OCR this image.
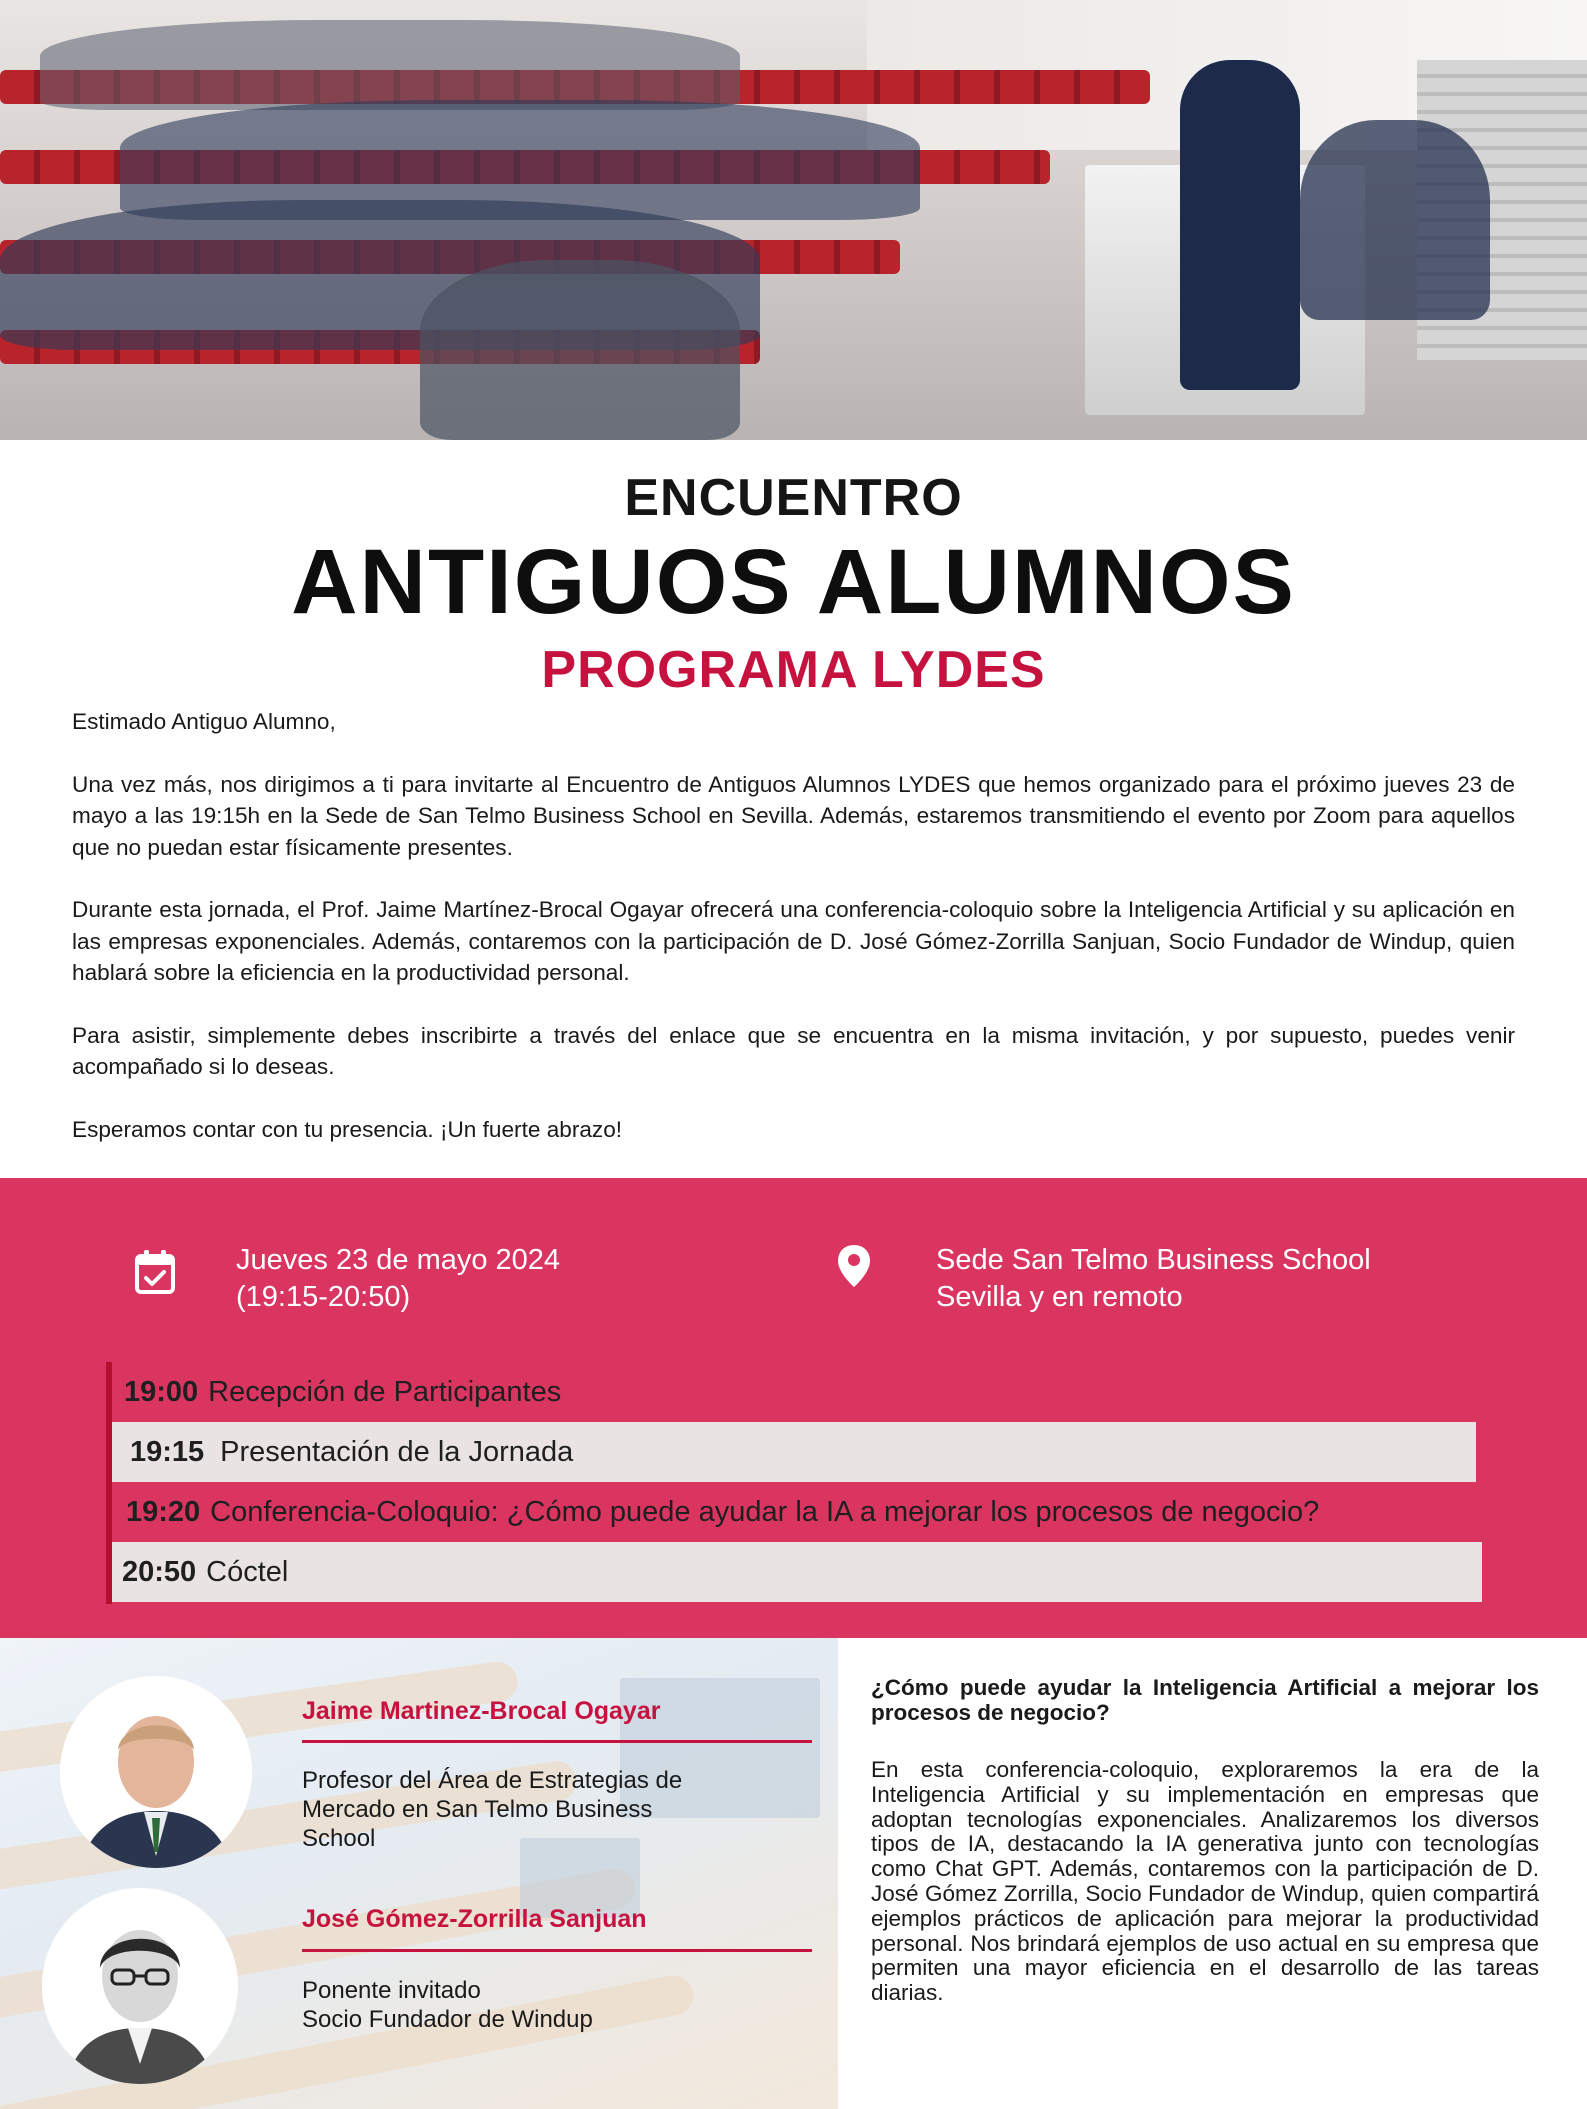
ENCUENTRO
ANTIGUOS ALUMNOS
PROGRAMA LYDES

Estimado Antiguo Alumno,

Una vez más, nos dirigimos a ti para invitarte al Encuentro de Antiguos Alumnos LYDES que hemos organizado para el próximo jueves 23 de mayo a las 19:15h en la Sede de San Telmo Business School en Sevilla. Además, estaremos transmitiendo el evento por Zoom para aquellos que no puedan estar físicamente presentes.

Durante esta jornada, el Prof. Jaime Martínez-Brocal Ogayar ofrecerá una conferencia-coloquio sobre la Inteligencia Artificial y su aplicación en las empresas exponenciales. Además, contaremos con la participación de D. José Gómez-Zorrilla Sanjuan, Socio Fundador de Windup, quien hablará sobre la eficiencia en la productividad personal.

Para asistir, simplemente debes inscribirte a través del enlace que se encuentra en la misma invitación, y por supuesto, puedes venir acompañado si lo deseas.

Esperamos contar con tu presencia. ¡Un fuerte abrazo!

Jueves 23 de mayo 2024
(19:15-20:50)
Sede San Telmo Business School
Sevilla y en remoto
19:00 Recepción de Participantes
19:15 Presentación de la Jornada
19:20 Conferencia-Coloquio: ¿Cómo puede ayudar la IA a mejorar los procesos de negocio?
20:50 Cóctel
Jaime Martinez-Brocal Ogayar
Profesor del Área de Estrategias de
Mercado en San Telmo Business
School
José Gómez-Zorrilla Sanjuan
Ponente invitado
Socio Fundador de Windup
¿Cómo puede ayudar la Inteligencia Artificial a mejorar los procesos de negocio?
En esta conferencia-coloquio, exploraremos la era de la Inteligencia Artificial y su implementación en empresas que adoptan tecnologías exponenciales. Analizaremos los diversos tipos de IA, destacando la IA generativa junto con tecnologías como Chat GPT. Además, contaremos con la participación de D. José Gómez Zorrilla, Socio Fundador de Windup, quien compartirá ejemplos prácticos de aplicación para mejorar la productividad personal. Nos brindará ejemplos de uso actual en su empresa que permiten una mayor eficiencia en el desarrollo de las tareas diarias.
